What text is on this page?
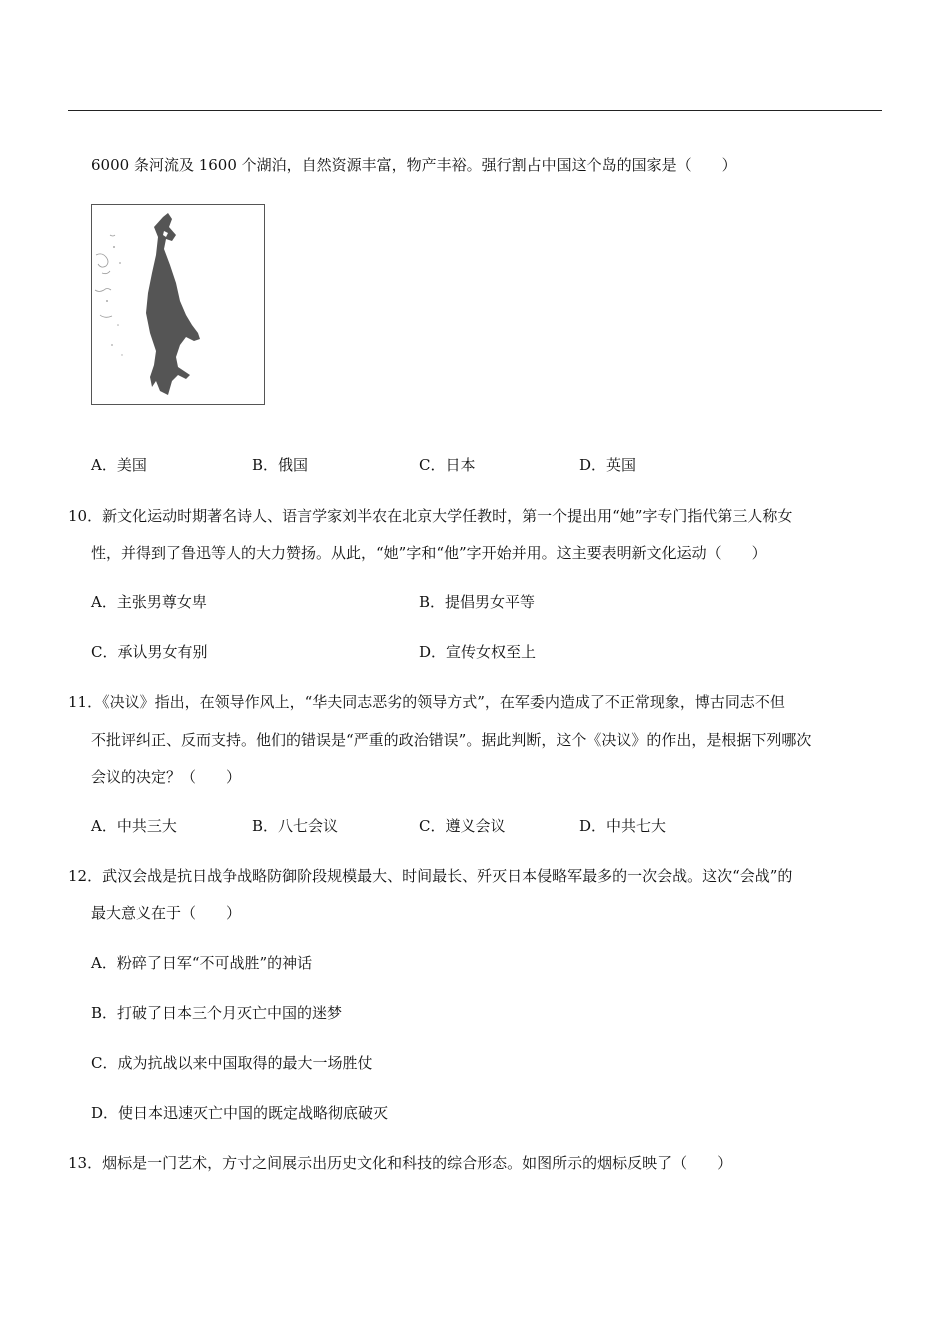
6000 条河流及 1600 个湖泊，自然资源丰富，物产丰裕。强行割占中国这个岛的国家是（　　）
A．美国	B．俄国	C．日本	D．英国
10．新文化运动时期著名诗人、语言学家刘半农在北京大学任教时，第一个提出用“她”字专门指代第三人称女
性，并得到了鲁迅等人的大力赞扬。从此，“她”字和“他”字开始并用。这主要表明新文化运动（　　）
A．主张男尊女卑	B．提倡男女平等
C．承认男女有别	D．宣传女权至上
11．《决议》指出，在领导作风上，“华夫同志恶劣的领导方式”，在军委内造成了不正常现象，博古同志不但
不批评纠正、反而支持。他们的错误是“严重的政治错误”。据此判断，这个《决议》的作出，是根据下列哪次
会议的决定？（　　）
A．中共三大	B．八七会议	C．遵义会议	D．中共七大
12．武汉会战是抗日战争战略防御阶段规模最大、时间最长、歼灭日本侵略军最多的一次会战。这次“会战”的
最大意义在于（　　）
A．粉碎了日军“不可战胜”的神话
B．打破了日本三个月灭亡中国的迷梦
C．成为抗战以来中国取得的最大一场胜仗
D．使日本迅速灭亡中国的既定战略彻底破灭
13．烟标是一门艺术，方寸之间展示出历史文化和科技的综合形态。如图所示的烟标反映了（　　）
